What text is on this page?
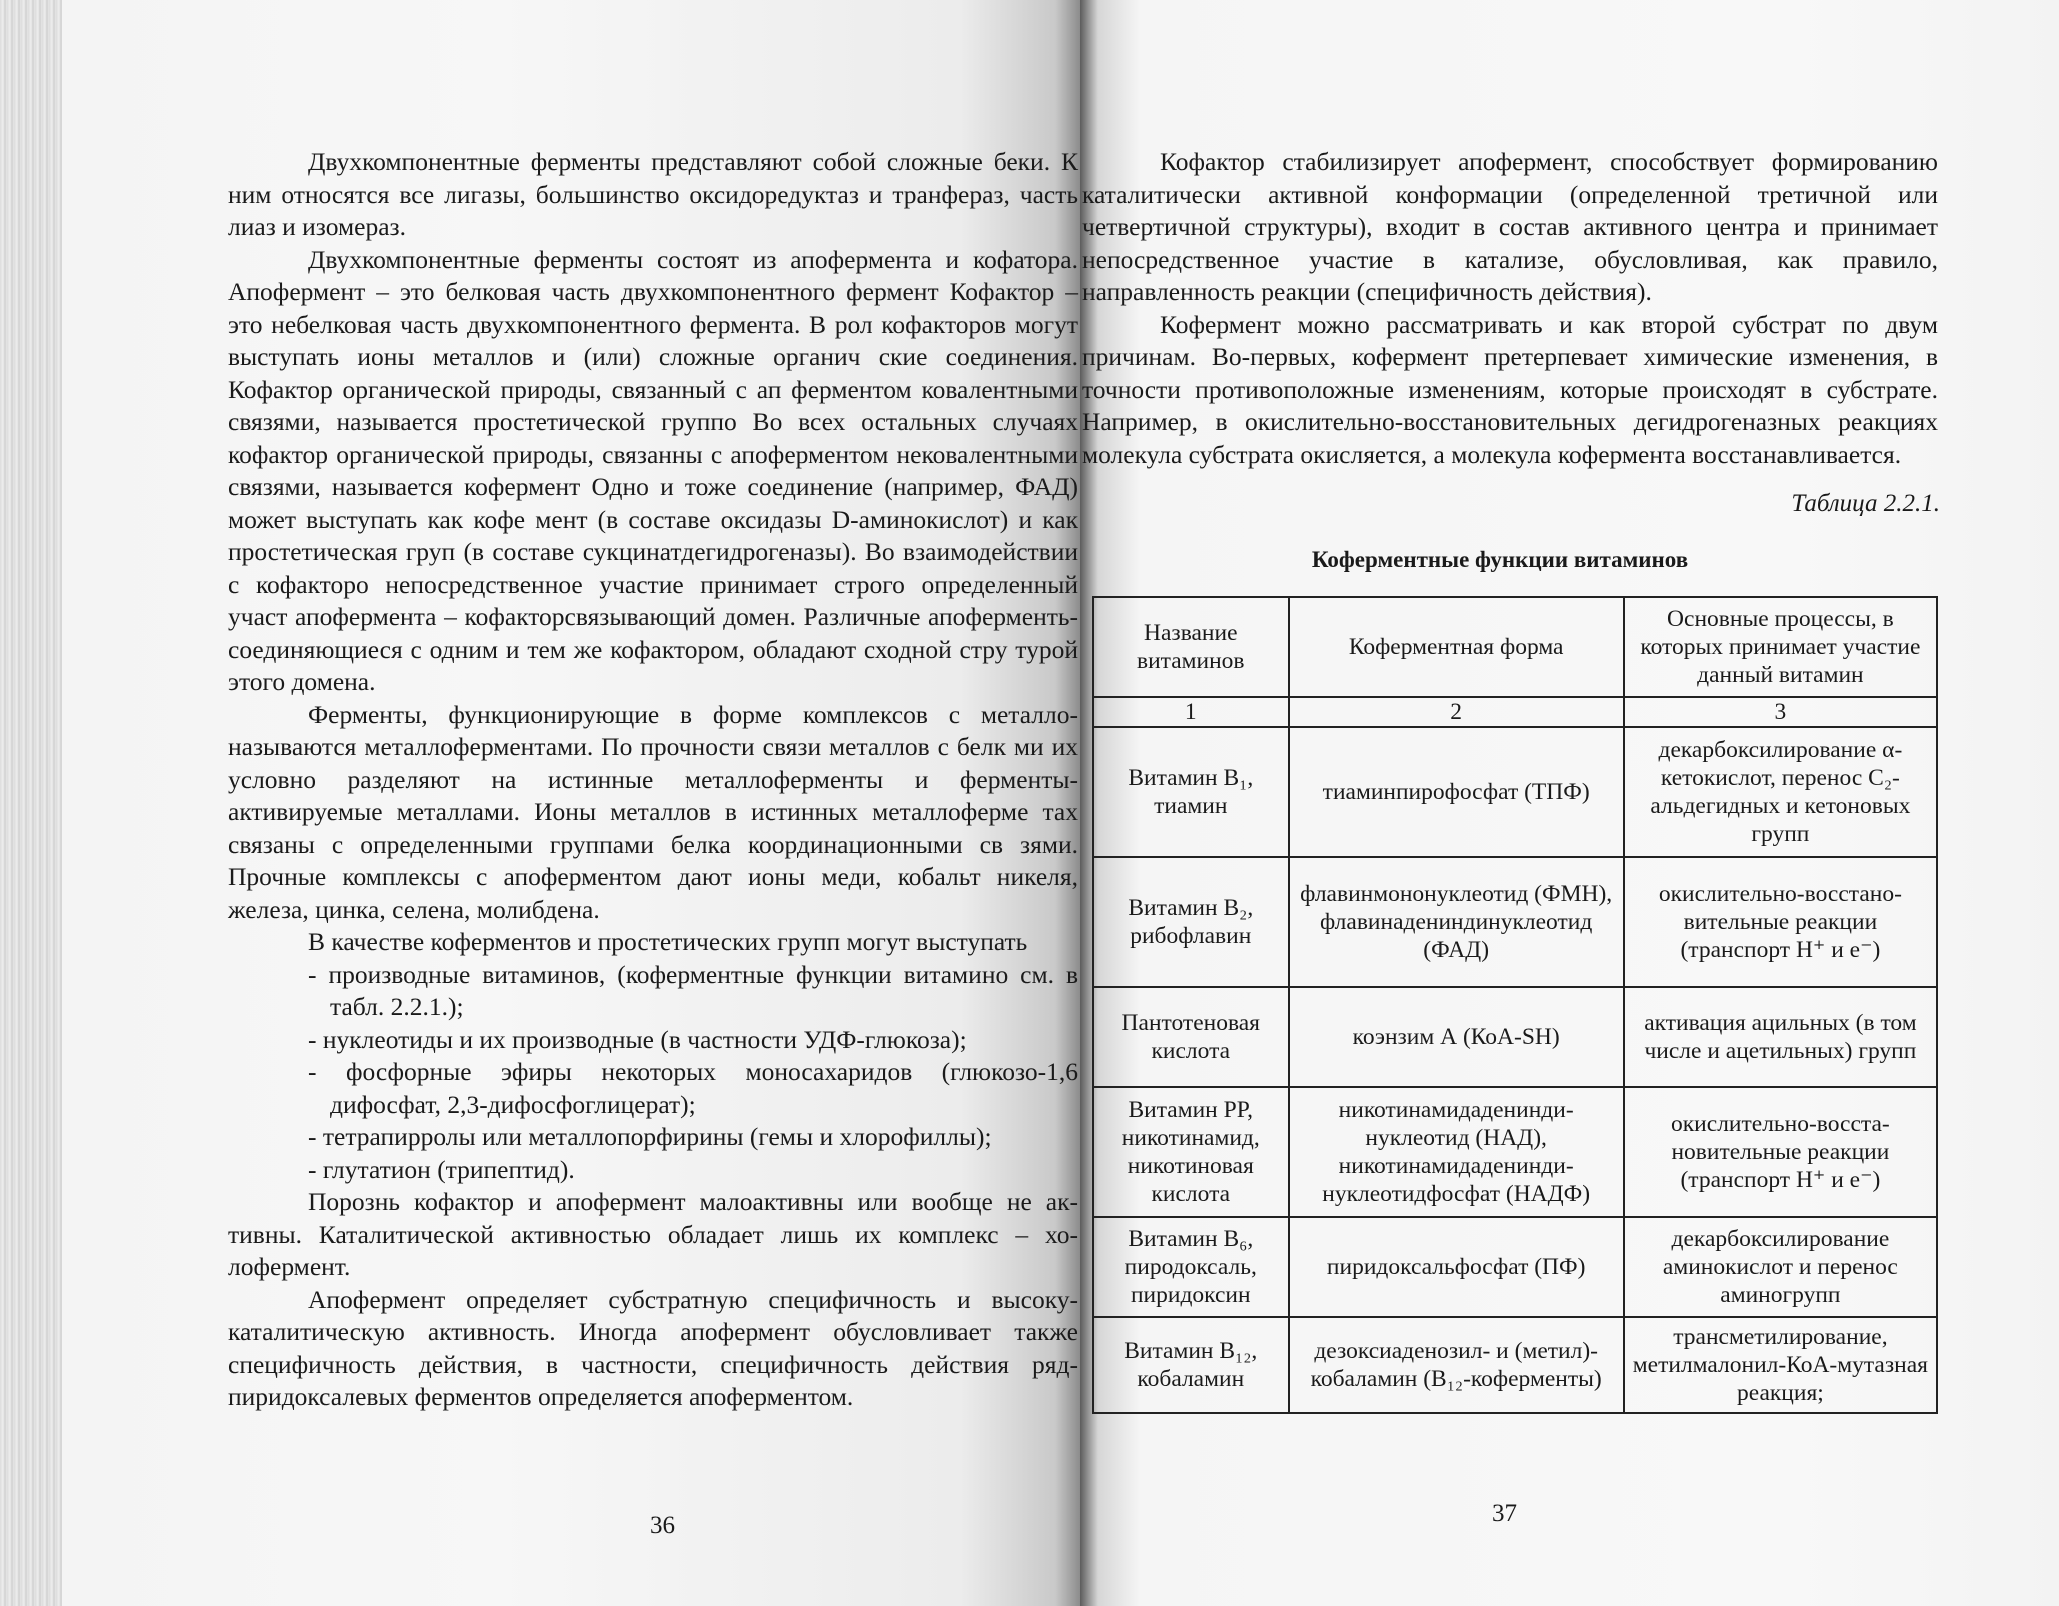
Двухкомпонентные ферменты представляют собой сложные беки. К ним относятся все лигазы, большинство оксидоредуктаз и транфераз, часть лиаз и изомераз.

Двухкомпонентные ферменты состоят из апофермента и кофатора. Апофермент – это белковая часть двухкомпонентного фермент Кофактор – это небелковая часть двухкомпонентного фермента. В рол кофакторов могут выступать ионы металлов и (или) сложные органич ские соединения. Кофактор органической природы, связанный с ап ферментом ковалентными связями, называется простетической группо Во всех остальных случаях кофактор органической природы, связанны с апоферментом нековалентными связями, называется кофермент Одно и тоже соединение (например, ФАД) может выступать как кофе мент (в составе оксидазы D-аминокислот) и как простетическая груп (в составе сукцинатдегидрогеназы). Во взаимодействии с кофакторо непосредственное участие принимает строго определенный участ апофермента – кофакторсвязывающий домен. Различные апоферменть соединяющиеся с одним и тем же кофактором, обладают сходной стру турой этого домена.

Ферменты, функционирующие в форме комплексов с металло называются металлоферментами. По прочности связи металлов с белк ми их условно разделяют на истинные металлоферменты и ферменты активируемые металлами. Ионы металлов в истинных металлоферме тах связаны с определенными группами белка координационными св зями. Прочные комплексы с апоферментом дают ионы меди, кобальт никеля, железа, цинка, селена, молибдена.

В качестве коферментов и простетических групп могут выступать

- производные витаминов, (коферментные функции витамино см. в табл. 2.2.1.);
- нуклеотиды и их производные (в частности УДФ-глюкоза);
- фосфорные эфиры некоторых моносахаридов (глюкозо-1,6 дифосфат, 2,3-дифосфоглицерат);
- тетрапирролы или металлопорфирины (гемы и хлорофиллы);
- глутатион (трипептид).

Порознь кофактор и апофермент малоактивны или вообще не ак тивны. Каталитической активностью обладает лишь их комплекс – хо лофермент.

Апофермент определяет субстратную специфичность и высоку каталитическую активность. Иногда апофермент обусловливает также специфичность действия, в частности, специфичность действия ряд пиридоксалевых ферментов определяется апоферментом.

36

Кофактор стабилизирует апофермент, способствует формированию каталитически активной конформации (определенной третичной или четвертичной структуры), входит в состав активного центра и принимает непосредственное участие в катализе, обусловливая, как правило, направленность реакции (специфичность действия).

Кофермент можно рассматривать и как второй субстрат по двум причинам. Во-первых, кофермент претерпевает химические изменения, в точности противоположные изменениям, которые происходят в субстрате. Например, в окислительно-восстановительных дегидрогеназных реакциях молекула субстрата окисляется, а молекула кофермента восстанавливается.

Таблица 2.2.1.
Коферментные функции витаминов
Название витаминов	Коферментная форма	Основные процессы, в которых принимает участие данный витамин
1	2	3
Витамин B₁, тиамин	тиаминпирофосфат (ТПФ)	декарбоксилирование α-кетокислот, перенос C₂-альдегидных и кетоновых групп
Витамин B₂, рибофлавин	флавинмононуклеотид (ФМН), флавинадениндинуклеотид (ФАД)	окислительно-восстановительные реакции (транспорт H⁺ и e⁻)
Пантотеновая кислота	коэнзим А (КоА-SH)	активация ацильных (в том числе и ацетильных) групп
Витамин PP, никотинамид, никотиновая кислота	никотинамидадениндинуклеотид (НАД), никотинамидадениндинуклеотидфосфат (НАДФ)	окислительно-восстановительные реакции (транспорт H⁺ и e⁻)
Витамин B₆, пиродоксаль, пиридоксин	пиридоксальфосфат (ПФ)	декарбоксилирование аминокислот и перенос аминогрупп
Витамин B₁₂, кобаламин	дезоксиаденозил- и (метил)-кобаламин (B₁₂-коферменты)	трансметилирование, метилмалонил-КоА-мутазная реакция;
37
